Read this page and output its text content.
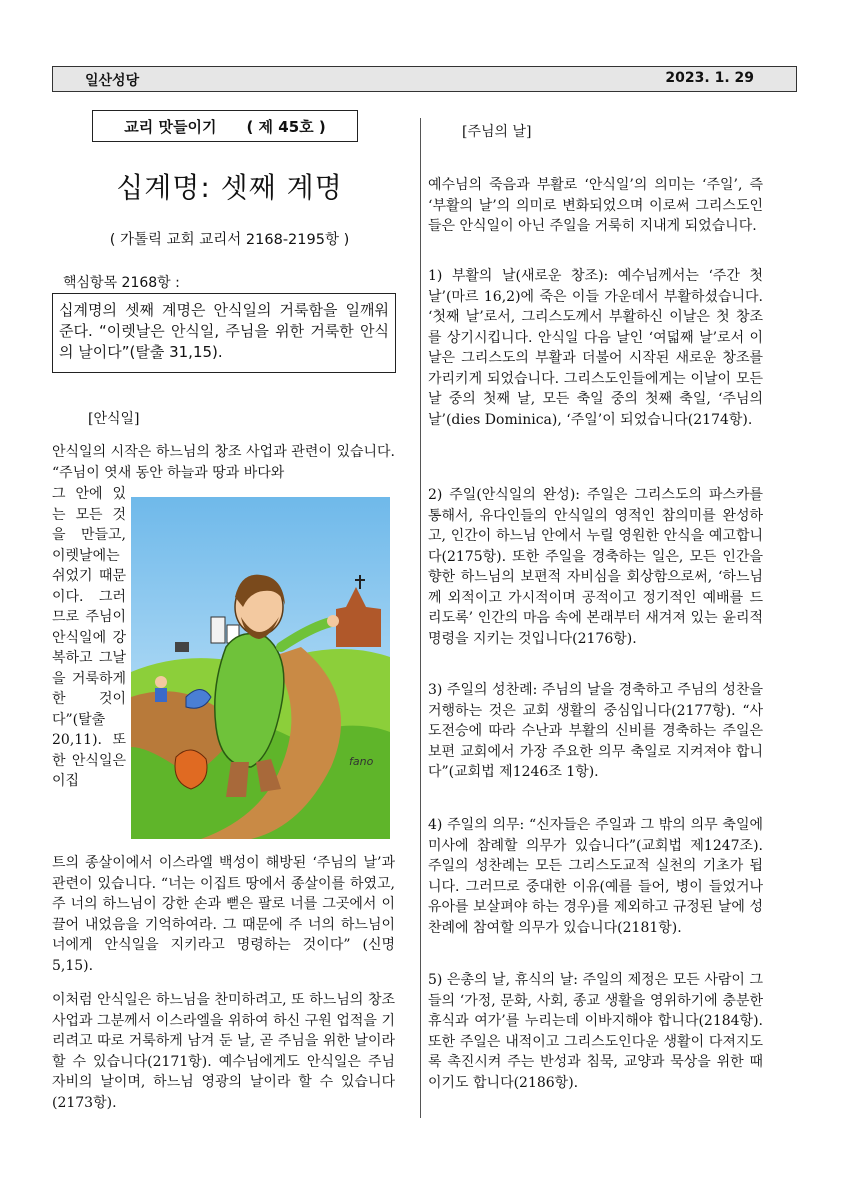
일산성당	2023. 1. 29
교리 맛들이기 ( 제 45호 )
십계명: 셋째 계명
( 가톨릭 교회 교리서 2168-2195항 )
핵심항목 2168항 :
십계명의 셋째 계명은 안식일의 거룩함을 일깨워 준다. “이렛날은 안식일, 주님을 위한 거룩한 안식의 날이다”(탈출 31,15).
[안식일]

안식일의 시작은 하느님의 창조 사업과 관련이 있습니다. “주님이 엿새 동안 하늘과 땅과 바다와

그 안에 있는 모든 것을 만들고, 이렛날에는 쉬었기 때문이다. 그러므로 주님이 안식일에 강복하고 그날을 거룩하게 한 것이다”(탈출 20,11). 또한 안식일은 이집
fano

트의 종살이에서 이스라엘 백성이 해방된 ‘주님의 날’과 관련이 있습니다. “너는 이집트 땅에서 종살이를 하였고, 주 너의 하느님이 강한 손과 뻗은 팔로 너를 그곳에서 이끌어 내었음을 기억하여라. 그 때문에 주 너의 하느님이 너에게 안식일을 지키라고 명령하는 것이다” (신명 5,15).

이처럼 안식일은 하느님을 찬미하려고, 또 하느님의 창조 사업과 그분께서 이스라엘을 위하여 하신 구원 업적을 기리려고 따로 거룩하게 남겨 둔 날, 곧 주님을 위한 날이라 할 수 있습니다(2171항). 예수님에게도 안식일은 주님 자비의 날이며, 하느님 영광의 날이라 할 수 있습니다(2173항).

[주님의 날]

예수님의 죽음과 부활로 ‘안식일’의 의미는 ‘주일’, 즉 ‘부활의 날’의 의미로 변화되었으며 이로써 그리스도인들은 안식일이 아닌 주일을 거룩히 지내게 되었습니다.

1) 부활의 날(새로운 창조): 예수님께서는 ‘주간 첫날’(마르 16,2)에 죽은 이들 가운데서 부활하셨습니다. ‘첫째 날’로서, 그리스도께서 부활하신 이날은 첫 창조를 상기시킵니다. 안식일 다음 날인 ‘여덟째 날’로서 이날은 그리스도의 부활과 더불어 시작된 새로운 창조를 가리키게 되었습니다. 그리스도인들에게는 이날이 모든 날 중의 첫째 날, 모든 축일 중의 첫째 축일, ‘주님의 날’(dies Dominica), ‘주일’이 되었습니다(2174항).

2) 주일(안식일의 완성): 주일은 그리스도의 파스카를 통해서, 유다인들의 안식일의 영적인 참의미를 완성하고, 인간이 하느님 안에서 누릴 영원한 안식을 예고합니다(2175항). 또한 주일을 경축하는 일은, 모든 인간을 향한 하느님의 보편적 자비심을 회상함으로써, ‘하느님께 외적이고 가시적이며 공적이고 정기적인 예배를 드리도록’ 인간의 마음 속에 본래부터 새겨져 있는 윤리적 명령을 지키는 것입니다(2176항).

3) 주일의 성찬례: 주님의 날을 경축하고 주님의 성찬을 거행하는 것은 교회 생활의 중심입니다(2177항). “사도전승에 따라 수난과 부활의 신비를 경축하는 주일은 보편 교회에서 가장 주요한 의무 축일로 지켜져야 합니다”(교회법 제1246조 1항).

4) 주일의 의무: “신자들은 주일과 그 밖의 의무 축일에 미사에 참례할 의무가 있습니다”(교회법 제1247조). 주일의 성찬례는 모든 그리스도교적 실천의 기초가 됩니다. 그러므로 중대한 이유(예를 들어, 병이 들었거나 유아를 보살펴야 하는 경우)를 제외하고 규정된 날에 성찬례에 참여할 의무가 있습니다(2181항).

5) 은총의 날, 휴식의 날: 주일의 제정은 모든 사람이 그들의 ‘가정, 문화, 사회, 종교 생활을 영위하기에 충분한 휴식과 여가’를 누리는데 이바지해야 합니다(2184항). 또한 주일은 내적이고 그리스도인다운 생활이 다져지도록 촉진시켜 주는 반성과 침묵, 교양과 묵상을 위한 때이기도 합니다(2186항).
